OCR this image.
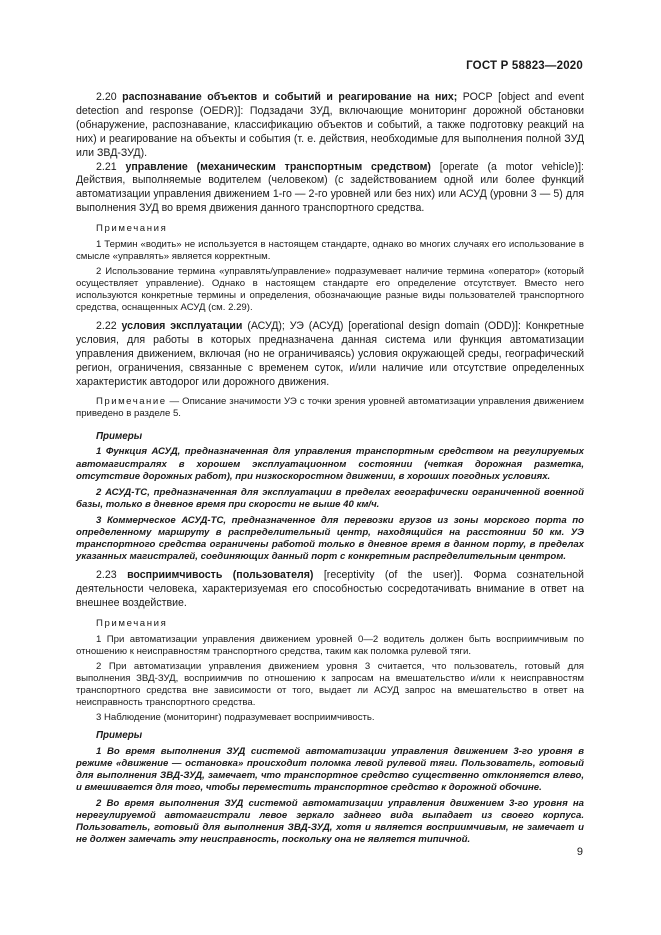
ГОСТ Р 58823—2020

2.20 распознавание объектов и событий и реагирование на них; РОСР [object and event detection and response (OEDR)]: Подзадачи ЗУД, включающие мониторинг дорожной обстановки (обнаружение, распознавание, классификацию объектов и событий, а также подготовку реакций на них) и реагирование на объекты и события (т. е. действия, необходимые для выполнения полной ЗУД или ЗВД-ЗУД).

2.21 управление (механическим транспортным средством) [operate (a motor vehicle)]: Действия, выполняемые водителем (человеком) (с задействованием одной или более функций автоматизации управления движением 1-го — 2-го уровней или без них) или АСУД (уровни 3 — 5) для выполнения ЗУД во время движения данного транспортного средства.

Примечания

1 Термин «водить» не используется в настоящем стандарте, однако во многих случаях его использование в смысле «управлять» является корректным.

2 Использование термина «управлять/управление» подразумевает наличие термина «оператор» (который осуществляет управление). Однако в настоящем стандарте его определение отсутствует. Вместо него используются конкретные термины и определения, обозначающие разные виды пользователей транспортного средства, оснащенных АСУД (см. 2.29).

2.22 условия эксплуатации (АСУД); УЭ (АСУД) [operational design domain (ODD)]: Конкретные условия, для работы в которых предназначена данная система или функция автоматизации управления движением, включая (но не ограничиваясь) условия окружающей среды, географический регион, ограничения, связанные с временем суток, и/или наличие или отсутствие определенных характеристик автодорог или дорожного движения.

Примечание — Описание значимости УЭ с точки зрения уровней автоматизации управления движением приведено в разделе 5.

Примеры

1 Функция АСУД, предназначенная для управления транспортным средством на регулируемых автомагистралях в хорошем эксплуатационном состоянии (четкая дорожная разметка, отсутствие дорожных работ), при низкоскоростном движении, в хороших погодных условиях.

2 АСУД-ТС, предназначенная для эксплуатации в пределах географически ограниченной военной базы, только в дневное время при скорости не выше 40 км/ч.

3 Коммерческое АСУД-ТС, предназначенное для перевозки грузов из зоны морского порта по определенному маршруту в распределительный центр, находящийся на расстоянии 50 км. УЭ транспортного средства ограничены работой только в дневное время в данном порту, в пределах указанных магистралей, соединяющих данный порт с конкретным распределительным центром.

2.23 восприимчивость (пользователя) [receptivity (of the user)]. Форма сознательной деятельности человека, характеризуемая его способностью сосредотачивать внимание в ответ на внешнее воздействие.

Примечания

1 При автоматизации управления движением уровней 0—2 водитель должен быть восприимчивым по отношению к неисправностям транспортного средства, таким как поломка рулевой тяги.

2 При автоматизации управления движением уровня 3 считается, что пользователь, готовый для выполнения ЗВД-ЗУД, восприимчив по отношению к запросам на вмешательство и/или к неисправностям транспортного средства вне зависимости от того, выдает ли АСУД запрос на вмешательство в ответ на неисправность транспортного средства.

3 Наблюдение (мониторинг) подразумевает восприимчивость.

Примеры

1 Во время выполнения ЗУД системой автоматизации управления движением 3-го уровня в режиме «движение — остановка» происходит поломка левой рулевой тяги. Пользователь, готовый для выполнения ЗВД-ЗУД, замечает, что транспортное средство существенно отклоняется влево, и вмешивается для того, чтобы переместить транспортное средство к дорожной обочине.

2 Во время выполнения ЗУД системой автоматизации управления движением 3-го уровня на нерегулируемой автомагистрали левое зеркало заднего вида выпадает из своего корпуса. Пользователь, готовый для выполнения ЗВД-ЗУД, хотя и является восприимчивым, не замечает и не должен замечать эту неисправность, поскольку она не является типичной.

9
